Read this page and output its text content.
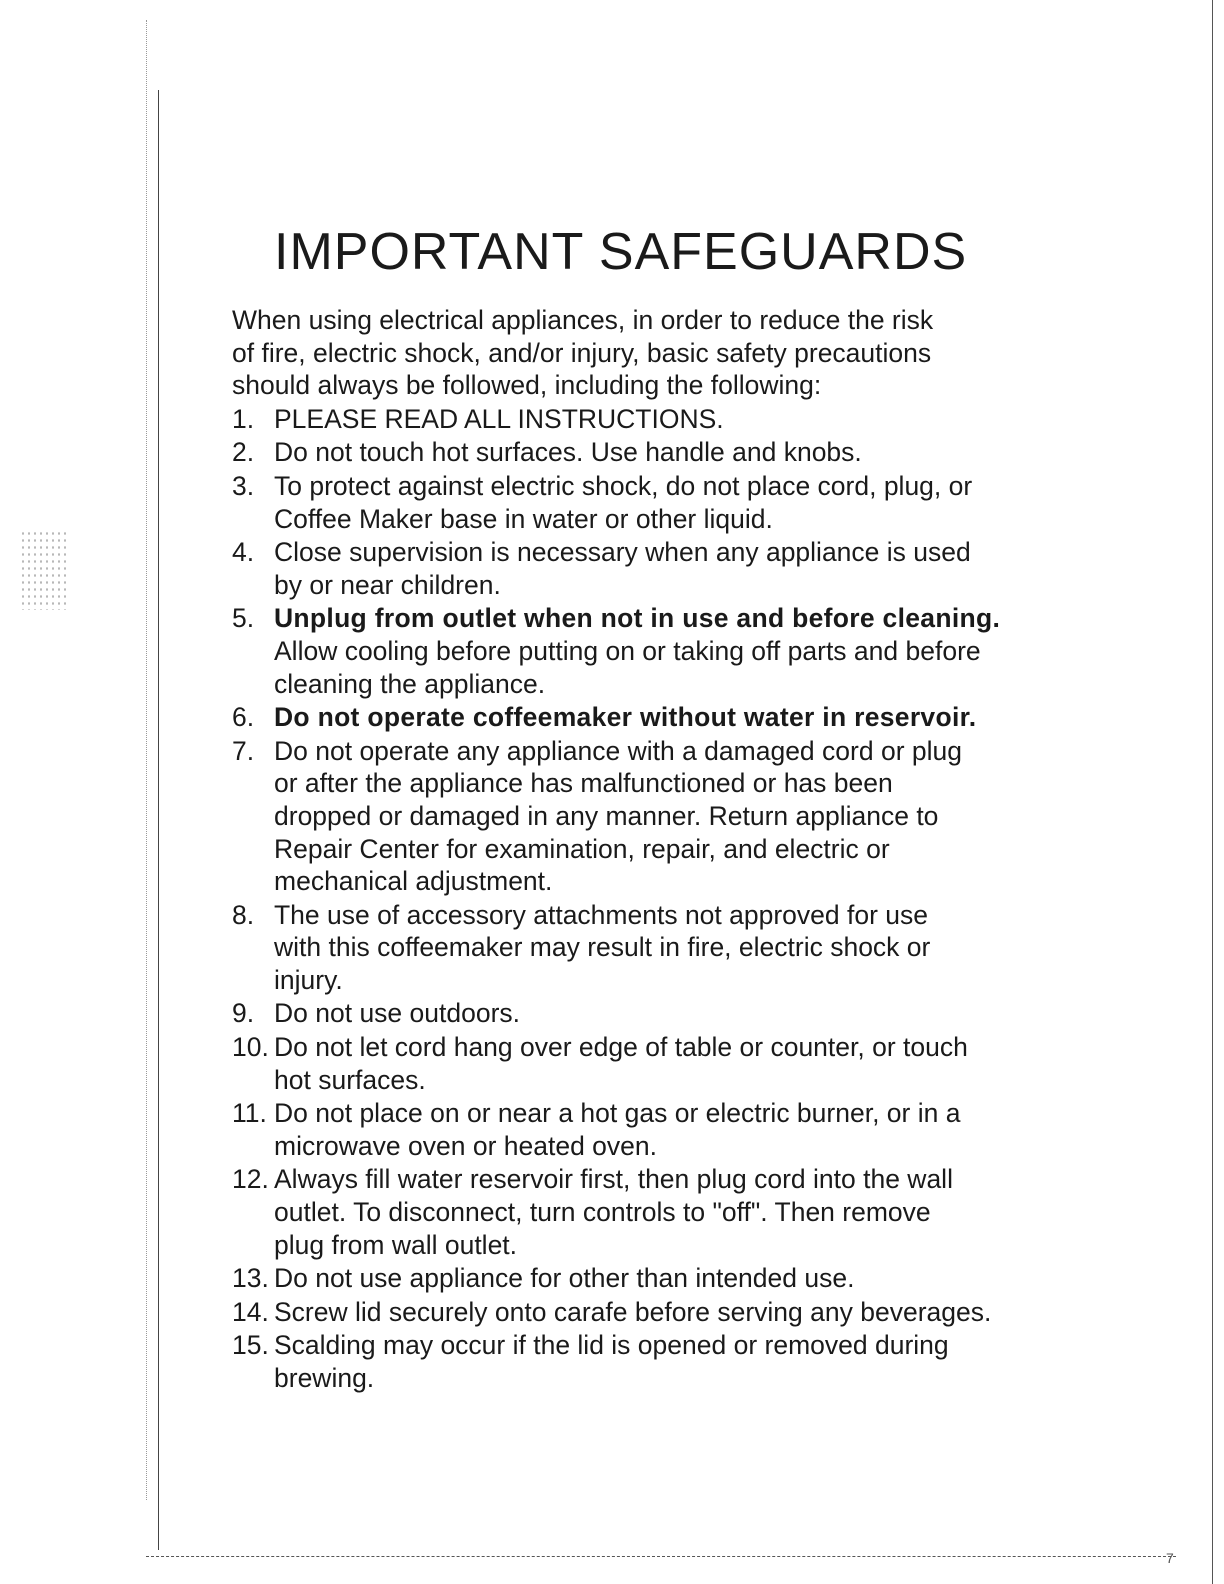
IMPORTANT SAFEGUARDS

When using electrical appliances, in order to reduce the risk
of fire, electric shock, and/or injury, basic safety precautions
should always be followed, including the following:

1. PLEASE READ ALL INSTRUCTIONS.
2. Do not touch hot surfaces. Use handle and knobs.
3. To protect against electric shock, do not place cord, plug, or
Coffee Maker base in water or other liquid.
4. Close supervision is necessary when any appliance is used
by or near children.
5. Unplug from outlet when not in use and before cleaning.
Allow cooling before putting on or taking off parts and before
cleaning the appliance.
6. Do not operate coffeemaker without water in reservoir.
7. Do not operate any appliance with a damaged cord or plug
or after the appliance has malfunctioned or has been
dropped or damaged in any manner. Return appliance to
Repair Center for examination, repair, and electric or
mechanical adjustment.
8. The use of accessory attachments not approved for use
with this coffeemaker may result in fire, electric shock or
injury.
9. Do not use outdoors.
10. Do not let cord hang over edge of table or counter, or touch
hot surfaces.
11. Do not place on or near a hot gas or electric burner, or in a
microwave oven or heated oven.
12. Always fill water reservoir first, then plug cord into the wall
outlet. To disconnect, turn controls to "off". Then remove
plug from wall outlet.
13. Do not use appliance for other than intended use.
14. Screw lid securely onto carafe before serving any beverages.
15. Scalding may occur if the lid is opened or removed during
brewing.
7
